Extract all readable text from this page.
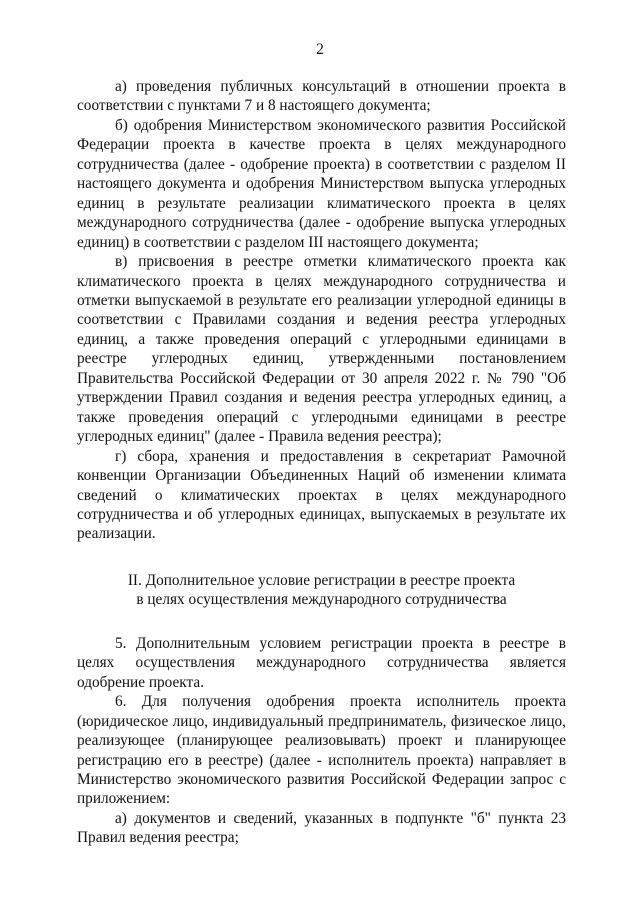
2

а) проведения публичных консультаций в отношении проекта в соответствии с пунктами 7 и 8 настоящего документа;

б) одобрения Министерством экономического развития Российской Федерации проекта в качестве проекта в целях международного сотрудничества (далее - одобрение проекта) в соответствии с разделом II настоящего документа и одобрения Министерством выпуска углеродных единиц в результате реализации климатического проекта в целях международного сотрудничества (далее - одобрение выпуска углеродных единиц) в соответствии с разделом III настоящего документа;

в) присвоения в реестре отметки климатического проекта как климатического проекта в целях международного сотрудничества и отметки выпускаемой в результате его реализации углеродной единицы в соответствии с Правилами создания и ведения реестра углеродных единиц, а также проведения операций с углеродными единицами в реестре углеродных единиц, утвержденными постановлением Правительства Российской Федерации от 30 апреля 2022 г. № 790 "Об утверждении Правил создания и ведения реестра углеродных единиц, а также проведения операций с углеродными единицами в реестре углеродных единиц" (далее - Правила ведения реестра);

г) сбора, хранения и предоставления в секретариат Рамочной конвенции Организации Объединенных Наций об изменении климата сведений о климатических проектах в целях международного сотрудничества и об углеродных единицах, выпускаемых в результате их реализации.

II. Дополнительное условие регистрации в реестре проекта
в целях осуществления международного сотрудничества

5. Дополнительным условием регистрации проекта в реестре в целях осуществления международного сотрудничества является одобрение проекта.

6. Для получения одобрения проекта исполнитель проекта (юридическое лицо, индивидуальный предприниматель, физическое лицо, реализующее (планирующее реализовывать) проект и планирующее регистрацию его в реестре) (далее - исполнитель проекта) направляет в Министерство экономического развития Российской Федерации запрос с приложением:

а) документов и сведений, указанных в подпункте "б" пункта 23 Правил ведения реестра;
